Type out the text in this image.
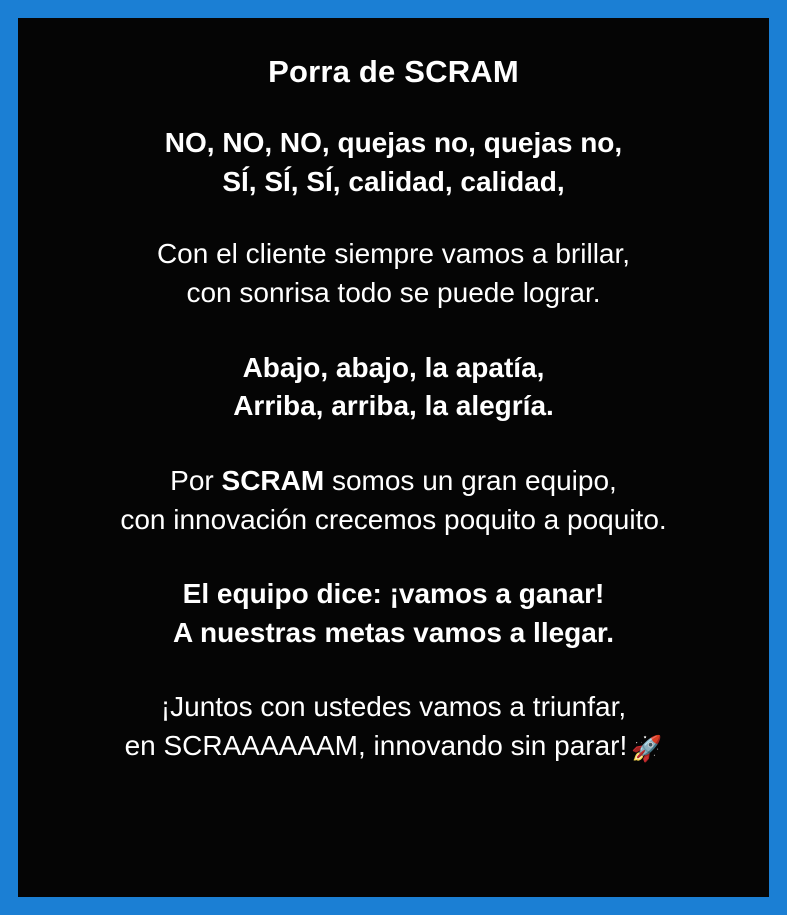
Porra de SCRAM
NO, NO, NO, quejas no, quejas no,
SÍ, SÍ, SÍ, calidad, calidad,
Con el cliente siempre vamos a brillar,
con sonrisa todo se puede lograr.
Abajo, abajo, la apatía,
Arriba, arriba, la alegría.
Por SCRAM somos un gran equipo,
con innovación crecemos poquito a poquito.
El equipo dice: ¡vamos a ganar!
A nuestras metas vamos a llegar.
¡Juntos con ustedes vamos a triunfar,
en SCRAAAAAAM, innovando sin parar! 🚀
